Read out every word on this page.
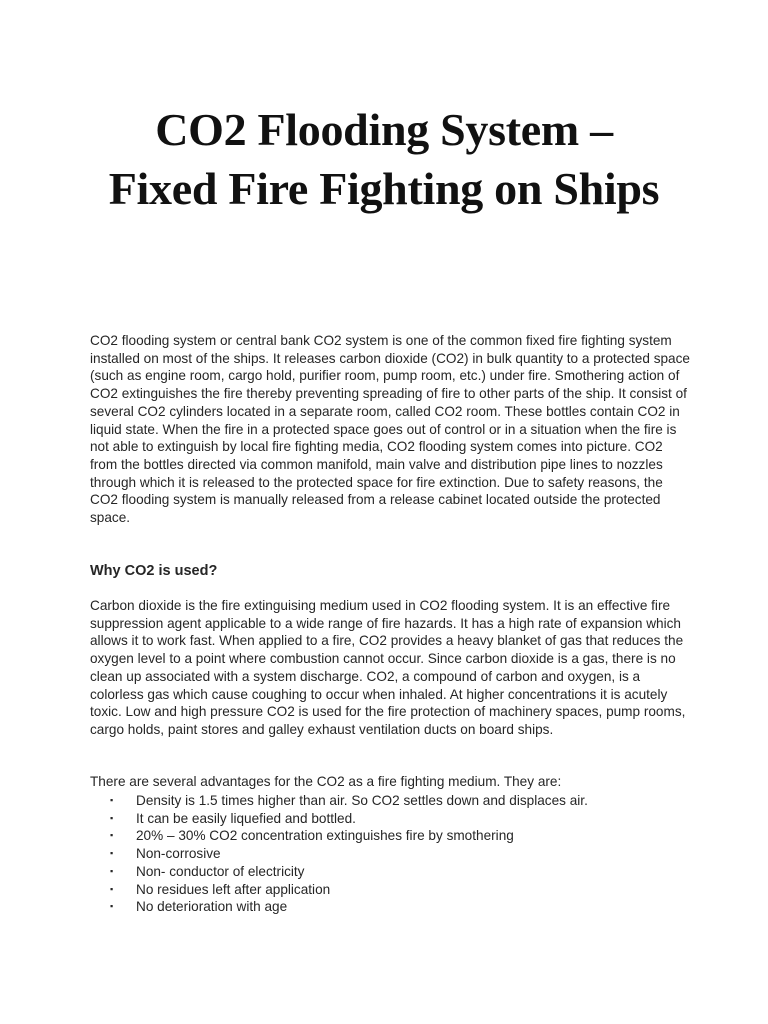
CO2 Flooding System – Fixed Fire Fighting on Ships

CO2 flooding system or central bank CO2 system is one of the common fixed fire fighting system installed on most of the ships. It releases carbon dioxide (CO2) in bulk quantity to a protected space (such as engine room, cargo hold, purifier room, pump room, etc.) under fire. Smothering action of CO2 extinguishes the fire thereby preventing spreading of fire to other parts of the ship. It consist of several CO2 cylinders located in a separate room, called CO2 room. These bottles contain CO2 in liquid state. When the fire in a protected space goes out of control or in a situation when the fire is not able to extinguish by local fire fighting media, CO2 flooding system comes into picture. CO2 from the bottles directed via common manifold, main valve and distribution pipe lines to nozzles through which it is released to the protected space for fire extinction. Due to safety reasons, the CO2 flooding system is manually released from a release cabinet located outside the protected space.

Why CO2 is used?

Carbon dioxide is the fire extinguising medium used in CO2 flooding system. It is an effective fire suppression agent applicable to a wide range of fire hazards. It has a high rate of expansion which allows it to work fast. When applied to a fire, CO2 provides a heavy blanket of gas that reduces the oxygen level to a point where combustion cannot occur. Since carbon dioxide is a gas, there is no clean up associated with a system discharge. CO2, a compound of carbon and oxygen, is a colorless gas which cause coughing to occur when inhaled. At higher concentrations it is acutely toxic. Low and high pressure CO2 is used for the fire protection of machinery spaces, pump rooms, cargo holds, paint stores and galley exhaust ventilation ducts on board ships.

There are several advantages for the CO2 as a fire fighting medium. They are:

▪ Density is 1.5 times higher than air. So CO2 settles down and displaces air.
▪ It can be easily liquefied and bottled.
▪ 20% – 30% CO2 concentration extinguishes fire by smothering
▪ Non-corrosive
▪ Non- conductor of electricity
▪ No residues left after application
▪ No deterioration with age
